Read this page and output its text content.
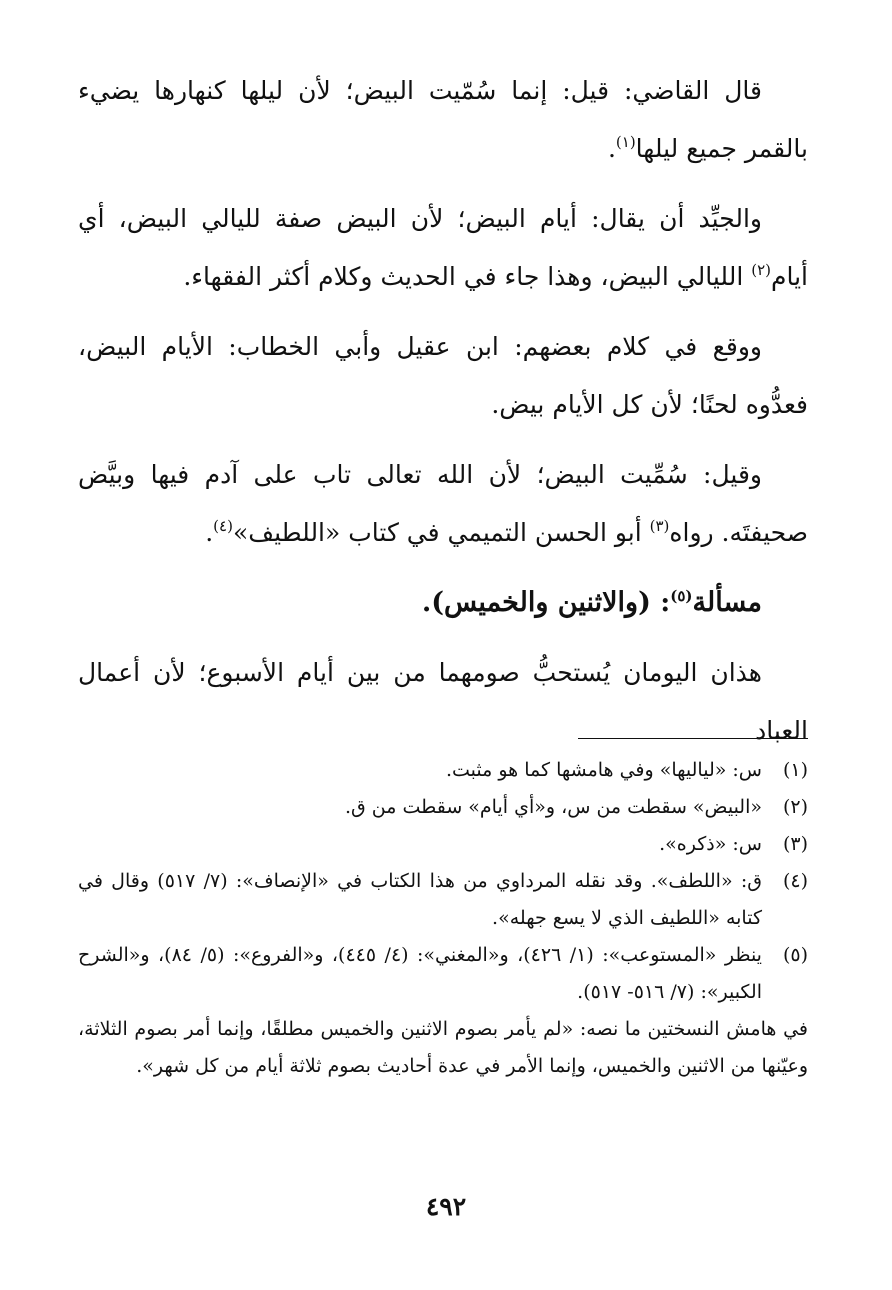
قال القاضي: قيل: إنما سُمّيت البيض؛ لأن ليلها كنهارها يضيء بالقمر جميع ليلها$^{(١)}$.

والجيِّد أن يقال: أيام البيض؛ لأن البيض صفة لليالي البيض، أي أيام$^{(٢)}$ الليالي البيض، وهذا جاء في الحديث وكلام أكثر الفقهاء.

ووقع في كلام بعضهم: ابن عقيل وأبي الخطاب: الأيام البيض، فعدُّوه لحنًا؛ لأن كل الأيام بيض.

وقيل: سُمِّيت البيض؛ لأن الله تعالى تاب على آدم فيها وبيَّض صحيفتَه. رواه$^{(٣)}$ أبو الحسن التميمي في كتاب «اللطيف»$^{(٤)}$.

مسألة$^{(٥)}$: (والاثنين والخميس).

هذان اليومان يُستحبُّ صومهما من بين أيام الأسبوع؛ لأن أعمال العباد

(١)
س: «لياليها» وفي هامشها كما هو مثبت.
(٢)
«البيض» سقطت من س، و«أي أيام» سقطت من ق.
(٣)
س: «ذكره».
(٤)
ق: «اللطف». وقد نقله المرداوي من هذا الكتاب في «الإنصاف»: (٧/ ٥١٧) وقال في كتابه «اللطيف الذي لا يسع جهله».
(٥)
ينظر «المستوعب»: (١/ ٤٢٦)، و«المغني»: (٤/ ٤٤٥)، و«الفروع»: (٥/ ٨٤)، و«الشرح الكبير»: (٧/ ٥١٦- ٥١٧).

في هامش النسختين ما نصه: «لم يأمر بصوم الاثنين والخميس مطلقًا، وإنما أمر بصوم الثلاثة، وعيّنها من الاثنين والخميس، وإنما الأمر في عدة أحاديث بصوم ثلاثة أيام من كل شهر».

٤٩٢
